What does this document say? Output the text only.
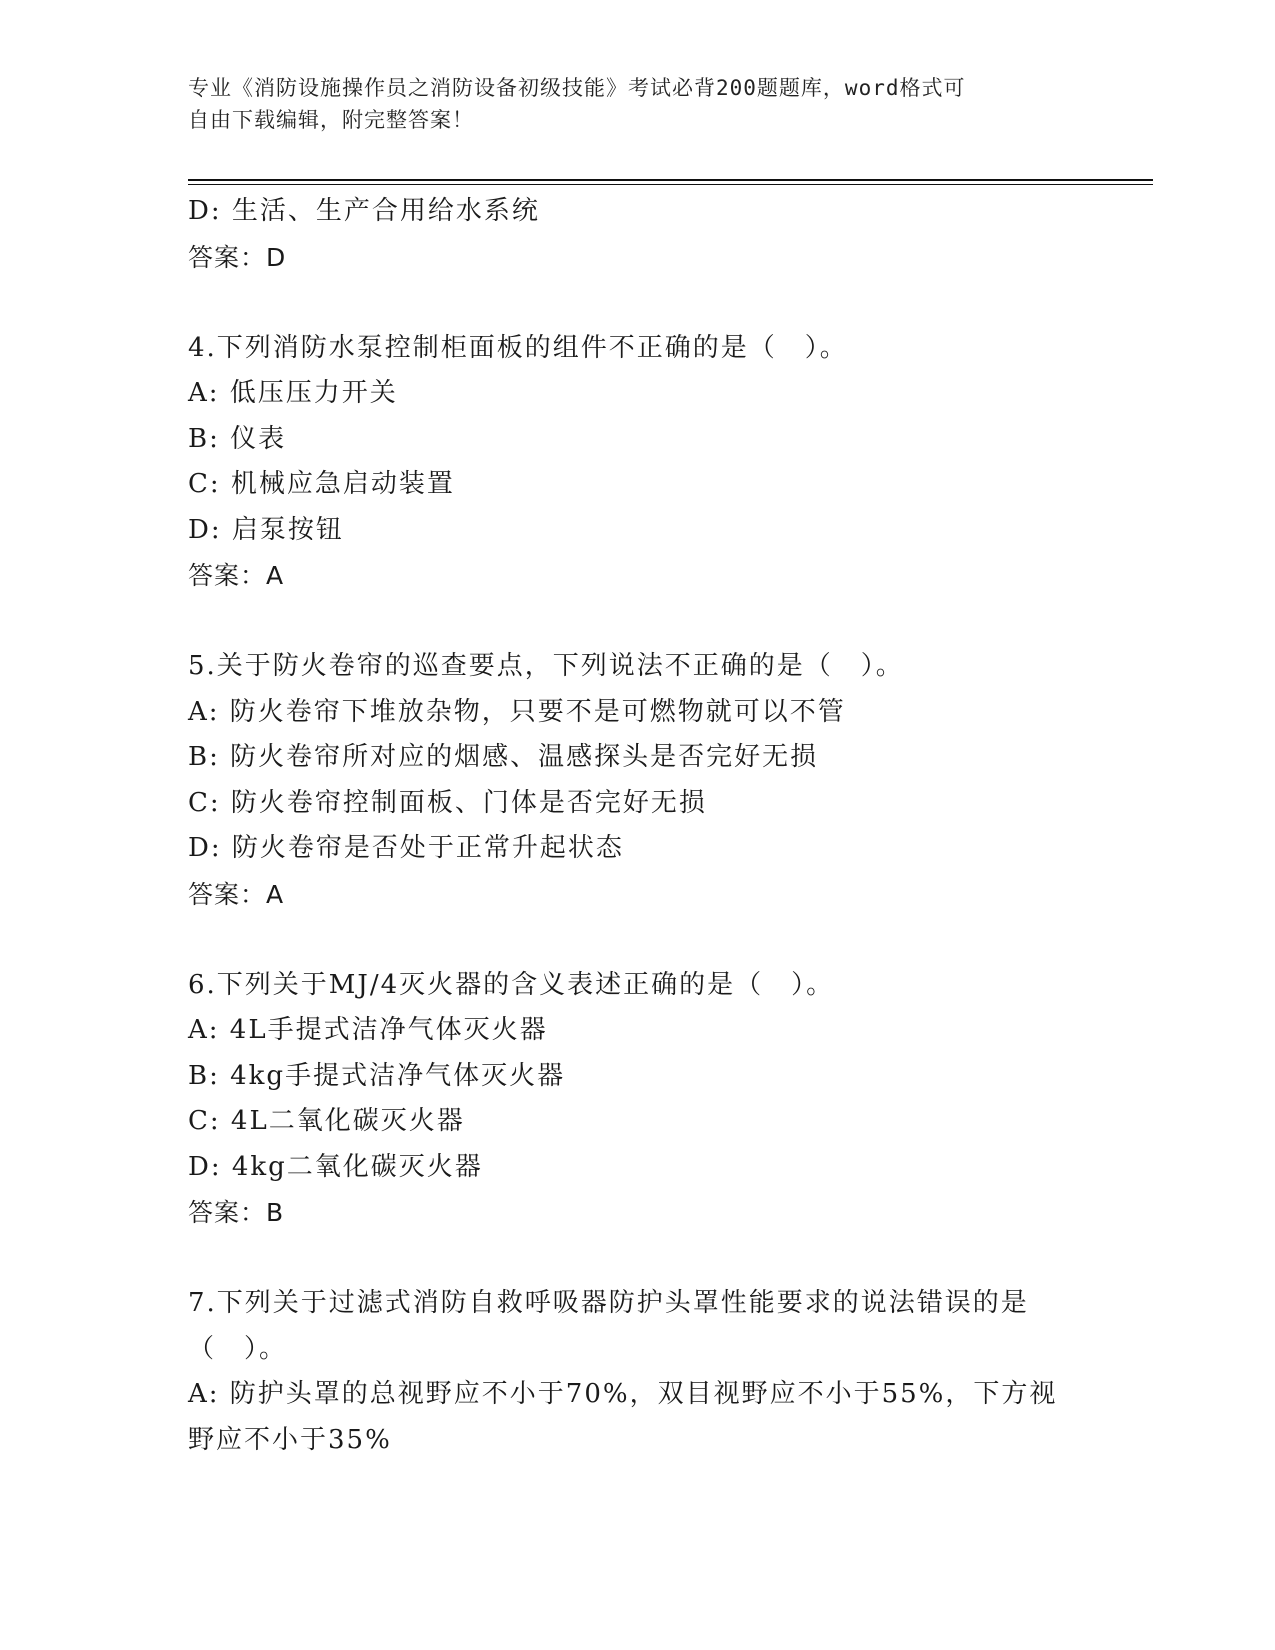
专业《消防设施操作员之消防设备初级技能》考试必背200题题库，word格式可
自由下载编辑，附完整答案！
D: 生活、生产合用给水系统
答案：D
4.下列消防水泵控制柜面板的组件不正确的是（　）。
A: 低压压力开关
B: 仪表
C: 机械应急启动装置
D: 启泵按钮
答案：A
5.关于防火卷帘的巡查要点，下列说法不正确的是（　）。
A: 防火卷帘下堆放杂物，只要不是可燃物就可以不管
B: 防火卷帘所对应的烟感、温感探头是否完好无损
C: 防火卷帘控制面板、门体是否完好无损
D: 防火卷帘是否处于正常升起状态
答案：A
6.下列关于MJ/4灭火器的含义表述正确的是（　）。
A: 4L手提式洁净气体灭火器
B: 4kg手提式洁净气体灭火器
C: 4L二氧化碳灭火器
D: 4kg二氧化碳灭火器
答案：B
7.下列关于过滤式消防自救呼吸器防护头罩性能要求的说法错误的是
（　）。
A: 防护头罩的总视野应不小于70%，双目视野应不小于55%，下方视
野应不小于35%
